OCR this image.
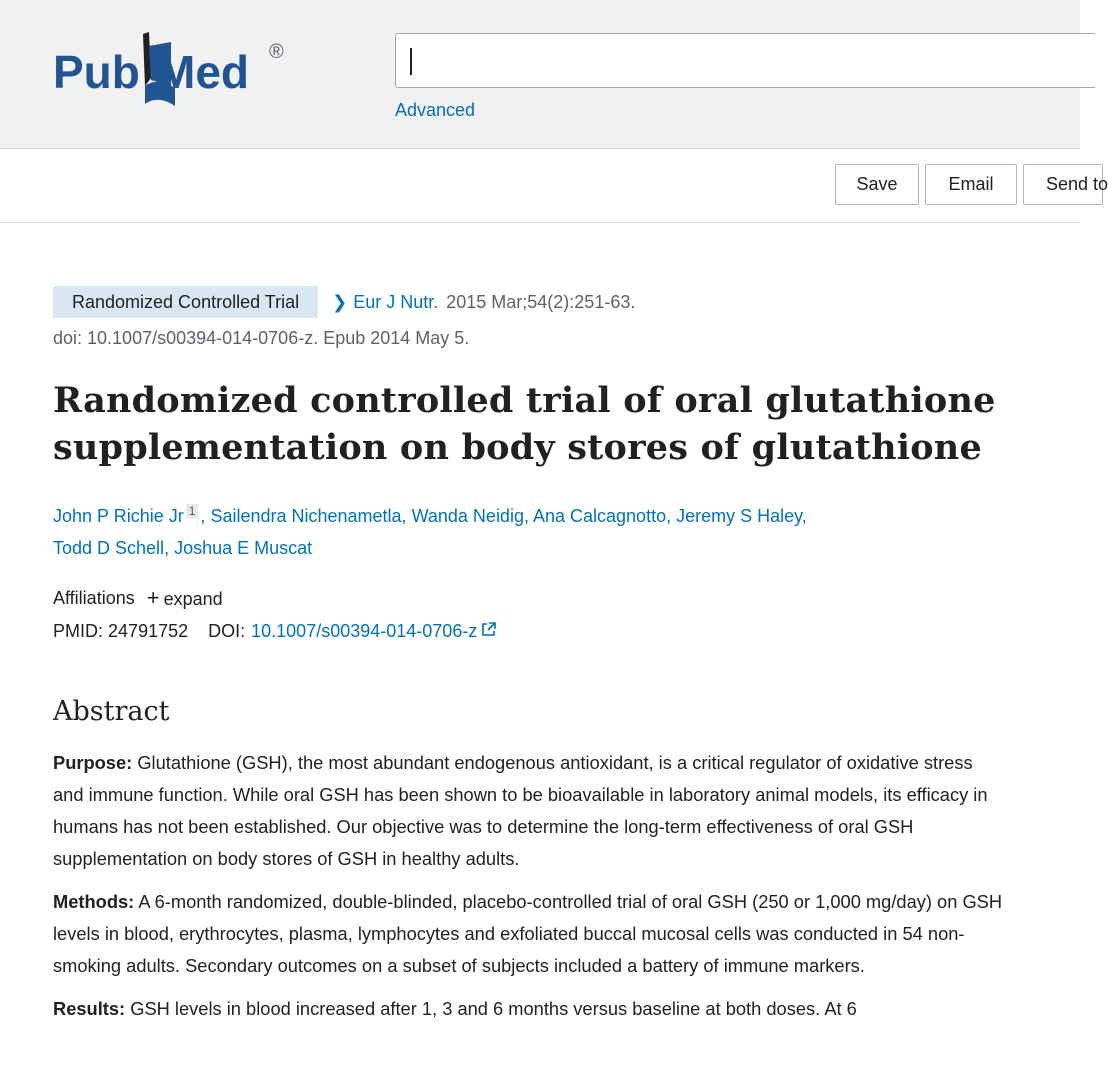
Pub Med ®
Advanced
Save	Email	Send to
Randomized Controlled Trial	❯ Eur J Nutr. 2015 Mar;54(2):251-63.
doi: 10.1007/s00394-014-0706-z. Epub 2014 May 5.
Randomized controlled trial of oral glutathione supplementation on body stores of glutathione
John P Richie Jr $^1$ , Sailendra Nichenametla, Wanda Neidig, Ana Calcagnotto, Jeremy S Haley,
Todd D Schell, Joshua E Muscat
Affiliations + expand
PMID:
24791752 DOI: 10.1007/s00394-014-0706-z
Abstract
Purpose: Glutathione (GSH), the most abundant endogenous antioxidant, is a critical regulator of oxidative stress and immune function. While oral GSH has been shown to be bioavailable in laboratory animal models, its efficacy in humans has not been established. Our objective was to determine the long-term effectiveness of oral GSH supplementation on body stores of GSH in healthy adults.
Methods: A 6-month randomized, double-blinded, placebo-controlled trial of oral GSH (250 or 1,000 mg/day) on GSH levels in blood, erythrocytes, plasma, lymphocytes and exfoliated buccal mucosal cells was conducted in 54 non-smoking adults. Secondary outcomes on a subset of subjects included a battery of immune markers.
Results: GSH levels in blood increased after 1, 3 and 6 months versus baseline at both doses. At 6
